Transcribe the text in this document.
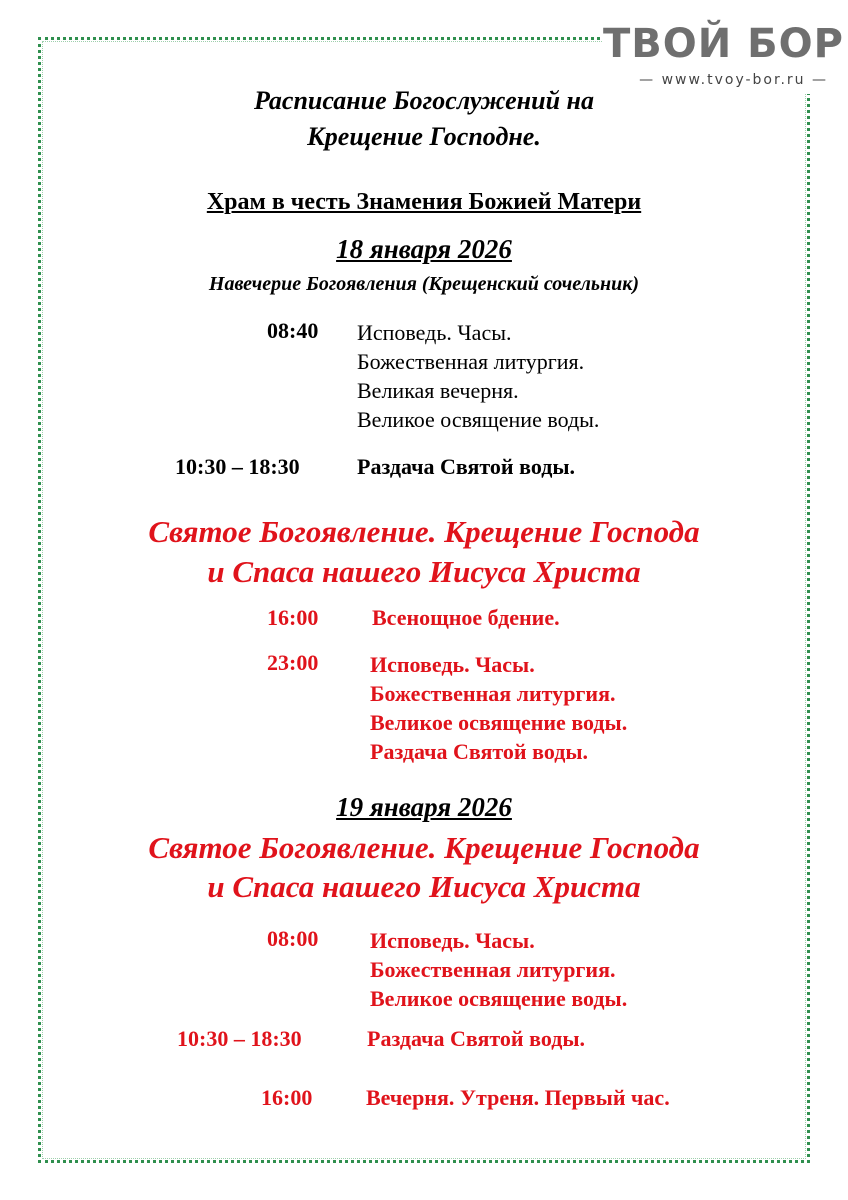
ТВОЙ БОР
— www.tvoy-bor.ru —
Расписание Богослужений на
Крещение Господне.
Храм в честь Знамения Божией Матери
18 января 2026
Навечерие Богоявления (Крещенский сочельник)
08:40 Исповедь. Часы.
Божественная литургия.
Великая вечерня.
Великое освящение воды.
10:30 – 18:30	Раздача Святой воды.
Святое Богоявление. Крещение Господа
и Спаса нашего Иисуса Христа
16:00 Всенощное бдение.
23:00 Исповедь. Часы.
Божественная литургия.
Великое освящение воды.
Раздача Святой воды.
19 января 2026
Святое Богоявление. Крещение Господа
и Спаса нашего Иисуса Христа
08:00 Исповедь. Часы.
Божественная литургия.
Великое освящение воды.
10:30 – 18:30	Раздача Святой воды.
16:00 Вечерня. Утреня. Первый час.
